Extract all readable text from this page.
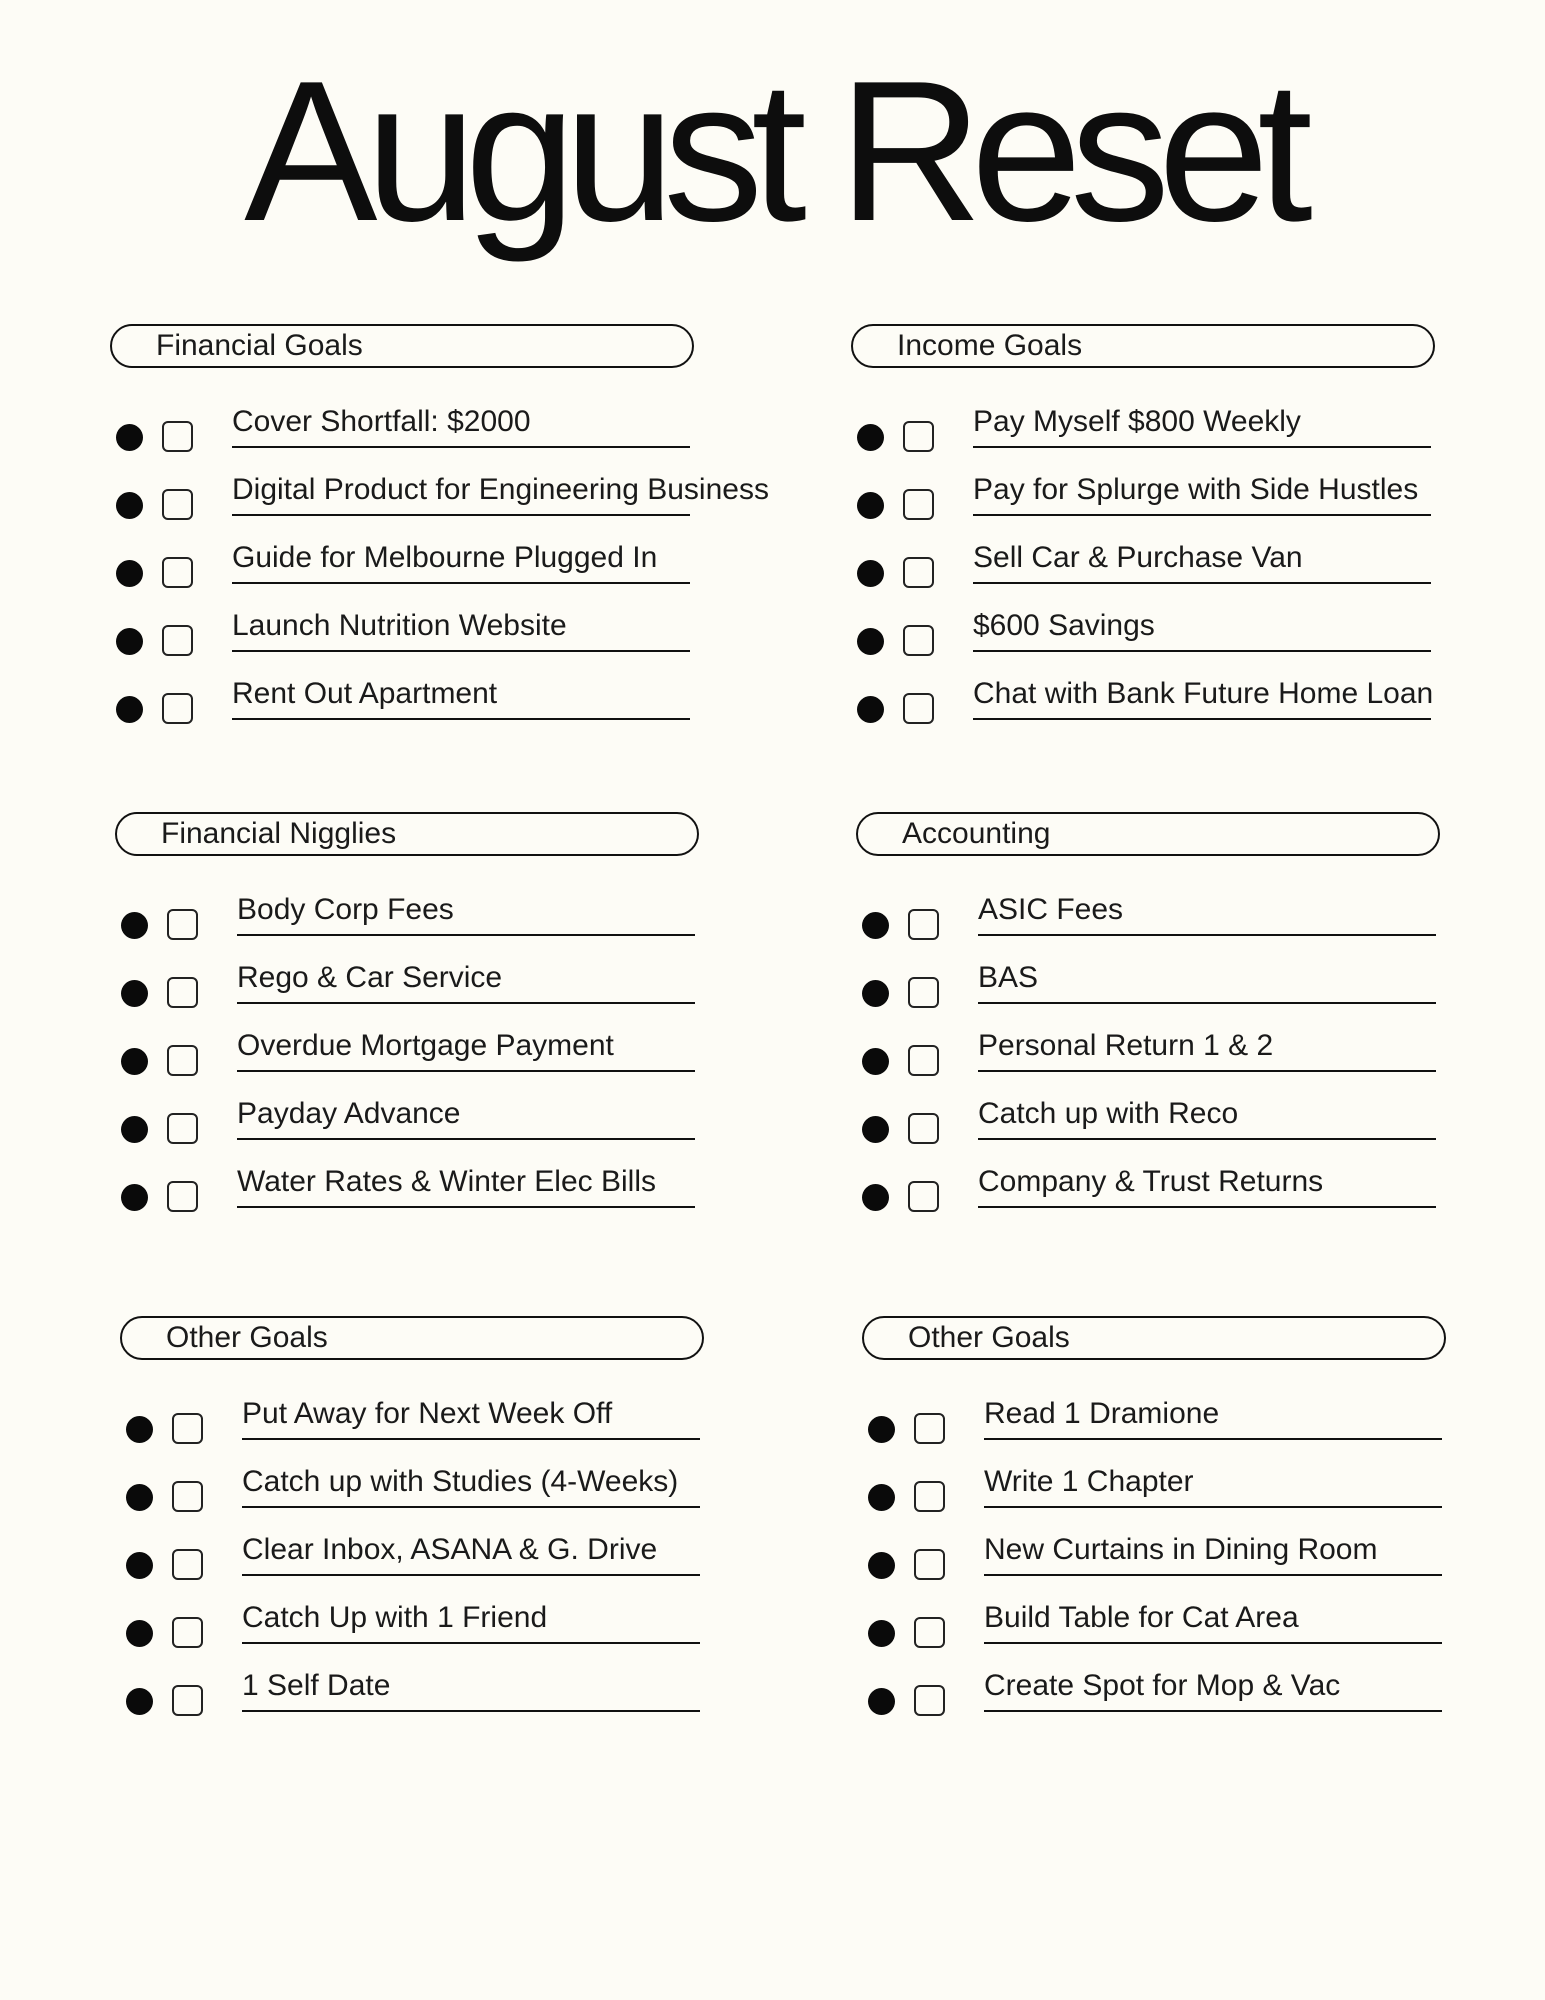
August Reset
Financial Goals
Cover Shortfall: $2000
Digital Product for Engineering Business
Guide for Melbourne Plugged In
Launch Nutrition Website
Rent Out Apartment
Income Goals
Pay Myself $800 Weekly
Pay for Splurge with Side Hustles
Sell Car & Purchase Van
$600 Savings
Chat with Bank Future Home Loan
Financial Nigglies
Body Corp Fees
Rego & Car Service
Overdue Mortgage Payment
Payday Advance
Water Rates & Winter Elec Bills
Accounting
ASIC Fees
BAS
Personal Return 1 & 2
Catch up with Reco
Company & Trust Returns
Other Goals
Put Away for Next Week Off
Catch up with Studies (4-Weeks)
Clear Inbox, ASANA & G. Drive
Catch Up with 1 Friend
1 Self Date
Other Goals
Read 1 Dramione
Write 1 Chapter
New Curtains in Dining Room
Build Table for Cat Area
Create Spot for Mop & Vac
